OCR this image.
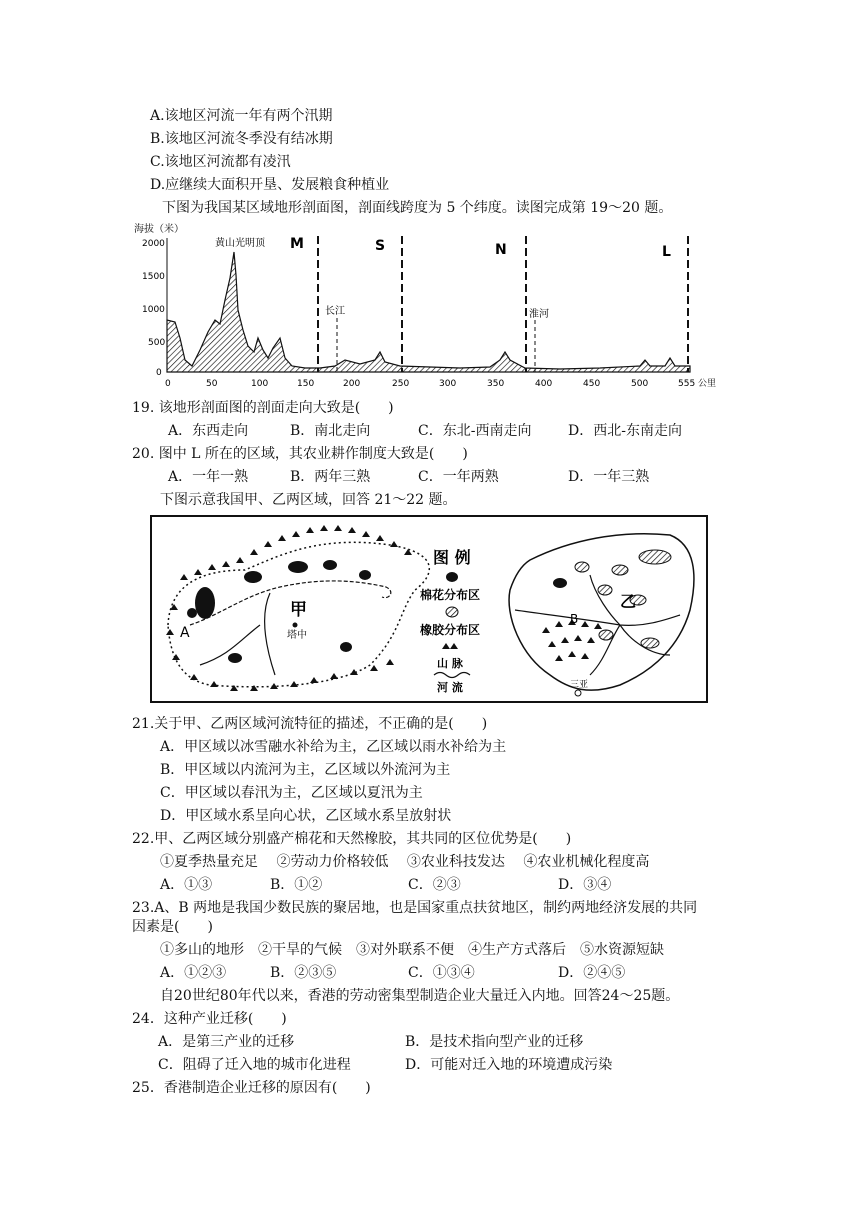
A.该地区河流一年有两个汛期
B.该地区河流冬季没有结冰期
C.该地区河流都有凌汛
D.应继续大面积开垦、发展粮食种植业
下图为我国某区域地形剖面图，剖面线跨度为 5 个纬度。读图完成第 19～20 题。
海拔（米）
2000
1500
1000
500
0
长江	淮河
黄山光明顶 M	S	N	L
0	50	100	150	200	250	300	350	400	450	500	555 公里
19. 该地形剖面图的剖面走向大致是(　　)
A．东西走向	B．南北走向	C．东北-西南走向	D．西北-东南走向
20. 图中 L 所在的区域，其农业耕作制度大致是(　　)
A．一年一熟	B．两年三熟	C．一年两熟	D．一年三熟
下图示意我国甲、乙两区域，回答 21～22 题。
甲
塔中
A
图 例
棉花分布区
橡胶分布区
山 脉
河 流
乙
B
三亚
21.关于甲、乙两区域河流特征的描述，不正确的是(　　)
A．甲区域以冰雪融水补给为主，乙区域以雨水补给为主
B．甲区域以内流河为主，乙区域以外流河为主
C．甲区域以春汛为主，乙区域以夏汛为主
D．甲区域水系呈向心状，乙区域水系呈放射状
22.甲、乙两区域分别盛产棉花和天然橡胶，其共同的区位优势是(　　)
①夏季热量充足　 ②劳动力价格较低　 ③农业科技发达　 ④农业机械化程度高
A．①③	B．①②	C．②③	D．③④
23.A、B 两地是我国少数民族的聚居地，也是国家重点扶贫地区，制约两地经济发展的共同
因素是(　　)
①多山的地形　②干旱的气候　③对外联系不便　④生产方式落后　⑤水资源短缺
A．①②③	B．②③⑤	C．①③④	D．②④⑤
自20世纪80年代以来，香港的劳动密集型制造企业大量迁入内地。回答24～25题。
24．这种产业迁移(　　)
A．是第三产业的迁移	B．是技术指向型产业的迁移
C．阻碍了迁入地的城市化进程	D．可能对迁入地的环境遭成污染
25．香港制造企业迁移的原因有(　　)
